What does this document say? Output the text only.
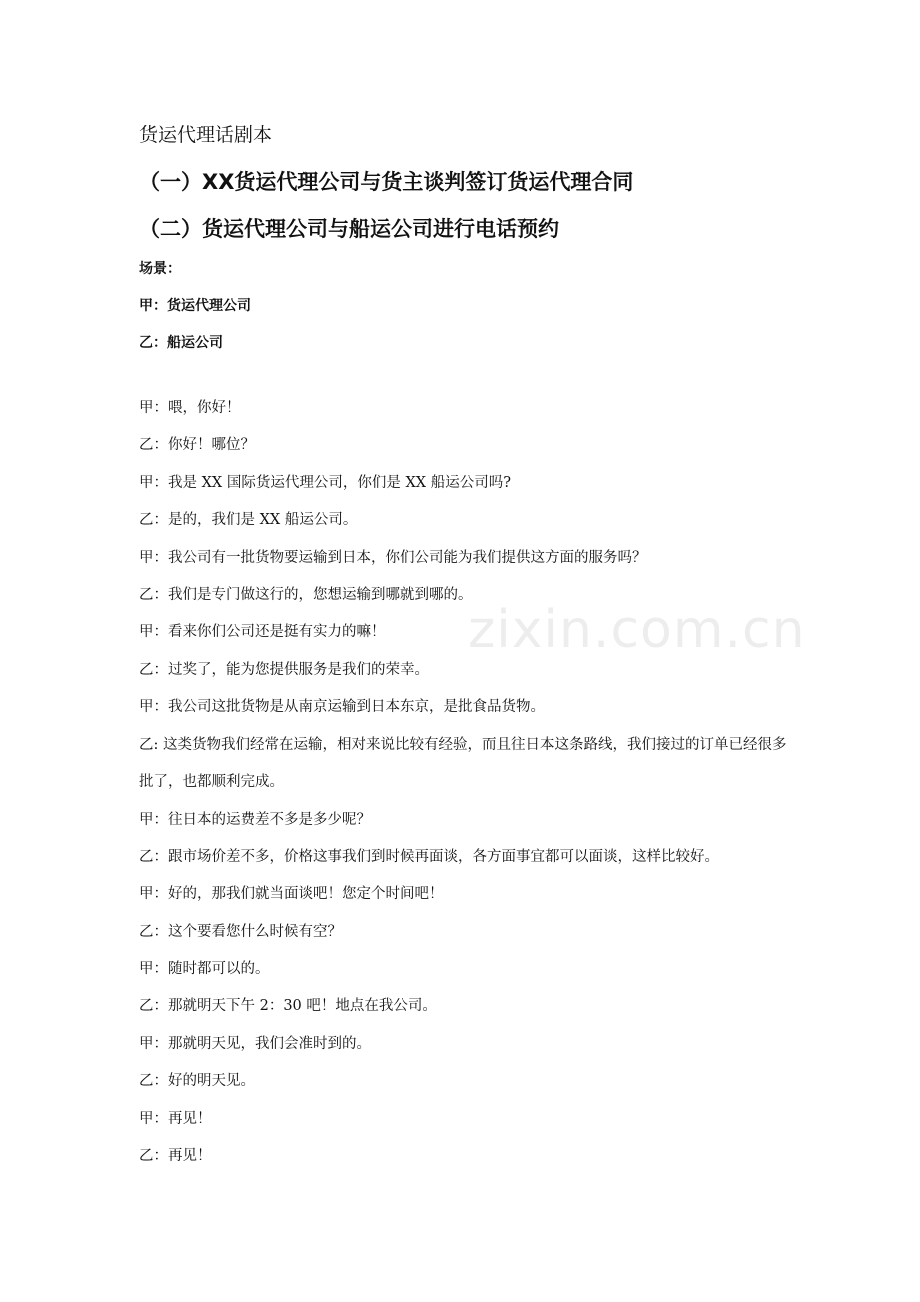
zixin.com.cn
货运代理话剧本
（一）XX货运代理公司与货主谈判签订货运代理合同
（二）货运代理公司与船运公司进行电话预约
场景：
甲：货运代理公司
乙：船运公司
甲：喂，你好！
乙：你好！哪位？
甲：我是 XX 国际货运代理公司，你们是 XX 船运公司吗?
乙：是的，我们是 XX 船运公司。
甲：我公司有一批货物要运输到日本，你们公司能为我们提供这方面的服务吗？
乙：我们是专门做这行的，您想运输到哪就到哪的。
甲：看来你们公司还是挺有实力的嘛！
乙：过奖了，能为您提供服务是我们的荣幸。
甲：我公司这批货物是从南京运输到日本东京，是批食品货物。
乙: 这类货物我们经常在运输，相对来说比较有经验，而且往日本这条路线，我们接过的订单已经很多批了，也都顺利完成。
甲：往日本的运费差不多是多少呢？
乙：跟市场价差不多，价格这事我们到时候再面谈，各方面事宜都可以面谈，这样比较好。
甲：好的，那我们就当面谈吧！您定个时间吧！
乙：这个要看您什么时候有空？
甲：随时都可以的。
乙：那就明天下午 2：30 吧！地点在我公司。
甲：那就明天见，我们会准时到的。
乙：好的明天见。
甲：再见！
乙：再见！
